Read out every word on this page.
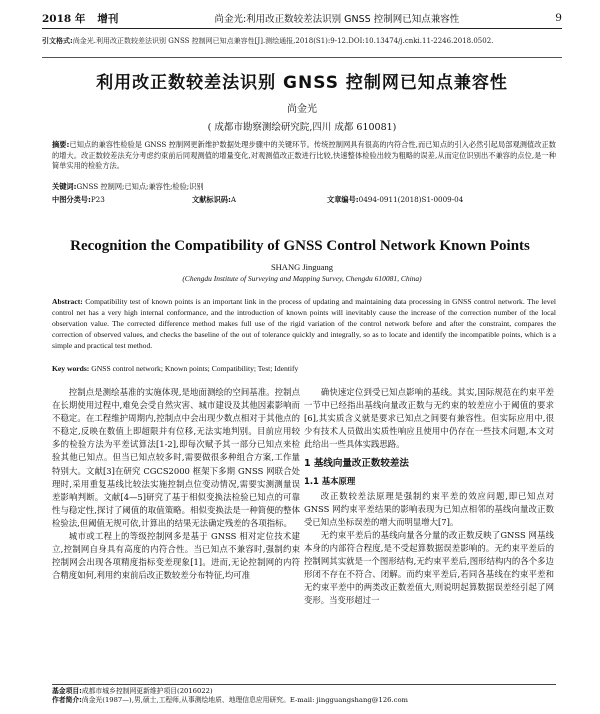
2018 年 增刊	尚金光:利用改正数较差法识别 GNSS 控制网已知点兼容性	9
引文格式:尚金光.利用改正数较差法识别 GNSS 控制网已知点兼容性[J].测绘通报,2018(S1):9-12.DOI:10.13474/j.cnki.11-2246.2018.0502.
利用改正数较差法识别 GNSS 控制网已知点兼容性
尚金光
( 成都市勘察测绘研究院,四川 成都 610081)
摘要:已知点的兼容性检验是 GNSS 控制网更新维护数据处理步骤中的关键环节。传统控制网具有很高的内符合性,而已知点的引入必然引起局部观测值改正数的增大。改正数较差法充分考虑约束前后同观测值的增量变化,对观测值改正数进行比较,快速整体检验出较为粗略的误差,从而定位识别出不兼容的点位,是一种简单实用的检验方法。
关键词:GNSS 控制网;已知点;兼容性;检验;识别
中图分类号:P23	文献标识码:A	文章编号:0494-0911(2018)S1-0009-04
Recognition the Compatibility of GNSS Control Network Known Points
SHANG Jinguang
(Chengdu Institute of Surveying and Mapping Survey, Chengdu 610081, China)
Abstract: Compatibility test of known points is an important link in the process of updating and maintaining data processing in GNSS control network. The level control net has a very high internal conformance, and the introduction of known points will inevitably cause the increase of the correction number of the local observation value. The corrected difference method makes full use of the rigid variation of the control network before and after the constraint, compares the correction of observed values, and checks the baseline of the out of tolerance quickly and integrally, so as to locate and identify the incompatible points, which is a simple and practical test method.
Key words: GNSS control network; Known points; Compatibility; Test; Identify

控制点是测绘基准的实施体现,是地面测绘的空间基准。控制点在长期使用过程中,难免会受自然灾害、城市建设及其他因素影响而不稳定。在工程维护周期内,控制点中会出现少数点相对于其他点的不稳定,反映在数值上即超限并有位移,无法实地判别。目前应用较多的检验方法为平差试算法[1-2],即每次赋予其一部分已知点来检验其他已知点。但当已知点较多时,需要做很多种组合方案,工作量特别大。文献[3]在研究 CGCS2000 框架下多期 GNSS 网联合处理时,采用重复基线比较法实施控制点位变动情况,需要实测测量误差影响判断。文献[4—5]研究了基于相似变换法检验已知点的可靠性与稳定性,探讨了阈值的取值策略。相似变换法是一种简便的整体检验法,但阈值无规可依,计算出的结果无法确定残差的各项指标。

城市或工程上的等级控制网多是基于 GNSS 相对定位技术建立,控制网自身具有高度的内符合性。当已知点不兼容时,强制约束控制网会出现各项精度指标变差现象[1]。进而,无论控制网的内符合精度如何,利用约束前后改正数较差分布特征,均可准

确快速定位到受已知点影响的基线。其实,国际规范在约束平差一节中已经指出基线向量改正数与无约束的较差应小于阈值的要求[6],其实质含义就是要求已知点之间要有兼容性。但实际应用中,很少有技术人员做出实质性响应且使用中仍存在一些技术问题,本文对此给出一些具体实践思路。

1 基线向量改正数较差法
1.1 基本原理

改正数较差法原理是强制约束平差的效应问题,即已知点对 GNSS 网约束平差结果的影响表现为已知点相邻的基线向量改正数受已知点坐标误差的增大而明显增大[7]。

无约束平差后的基线向量各分量的改正数反映了GNSS 网基线本身的内部符合程度,是不受起算数据误差影响的。无约束平差后的控制网其实就是一个图形结构,无约束平差后,图形结构内的各个多边形闭不存在不符合、闭解。而约束平差后,若同各基线在约束平差和无约束平差中的两类改正数差值大,则说明起算数据误差经引起了网变形。当变形超过一

基金项目:成都市城乡控制网更新维护项目(2016022)
作者简介:尚金光(1987—),男,硕士,工程师,从事测绘地质、地理信息应用研究。E-mail: jingguangshang@126.com
